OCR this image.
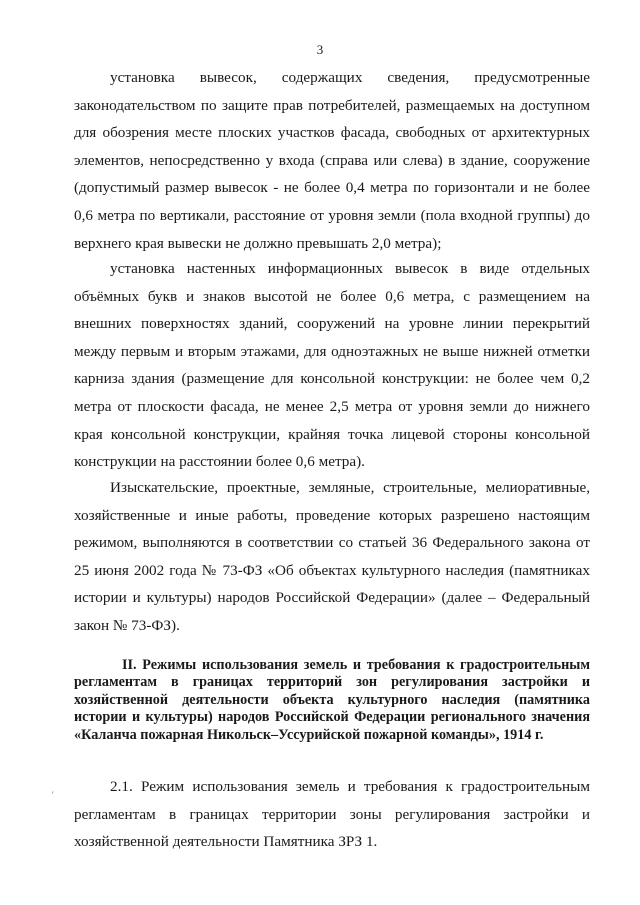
3

установка вывесок, содержащих сведения, предусмотренные законодательством по защите прав потребителей, размещаемых на доступном для обозрения месте плоских участков фасада, свободных от архитектурных элементов, непосредственно у входа (справа или слева) в здание, сооружение (допустимый размер вывесок - не более 0,4 метра по горизонтали и не более 0,6 метра по вертикали, расстояние от уровня земли (пола входной группы) до верхнего края вывески не должно превышать 2,0 метра);

установка настенных информационных вывесок в виде отдельных объёмных букв и знаков высотой не более 0,6 метра, с размещением на внешних поверхностях зданий, сооружений на уровне линии перекрытий между первым и вторым этажами, для одноэтажных не выше нижней отметки карниза здания (размещение для консольной конструкции: не более чем 0,2 метра от плоскости фасада, не менее 2,5 метра от уровня земли до нижнего края консольной конструкции, крайняя точка лицевой стороны консольной конструкции на расстоянии более 0,6 метра).

Изыскательские, проектные, земляные, строительные, мелиоративные, хозяйственные и иные работы, проведение которых разрешено настоящим режимом, выполняются в соответствии со статьей 36 Федерального закона от 25 июня 2002 года № 73-ФЗ «Об объектах культурного наследия (памятниках истории и культуры) народов Российской Федерации» (далее – Федеральный закон № 73-ФЗ).

II. Режимы использования земель и требования к градостроительным регламентам в границах территорий зон регулирования застройки и хозяйственной деятельности объекта культурного наследия (памятника истории и культуры) народов Российской Федерации регионального значения «Каланча пожарная Никольск–Уссурийской пожарной команды», 1914 г.

'	2.1. Режим использования земель и требования к градостроительным регламентам в границах территории зоны регулирования застройки и хозяйственной деятельности Памятника ЗРЗ 1.
